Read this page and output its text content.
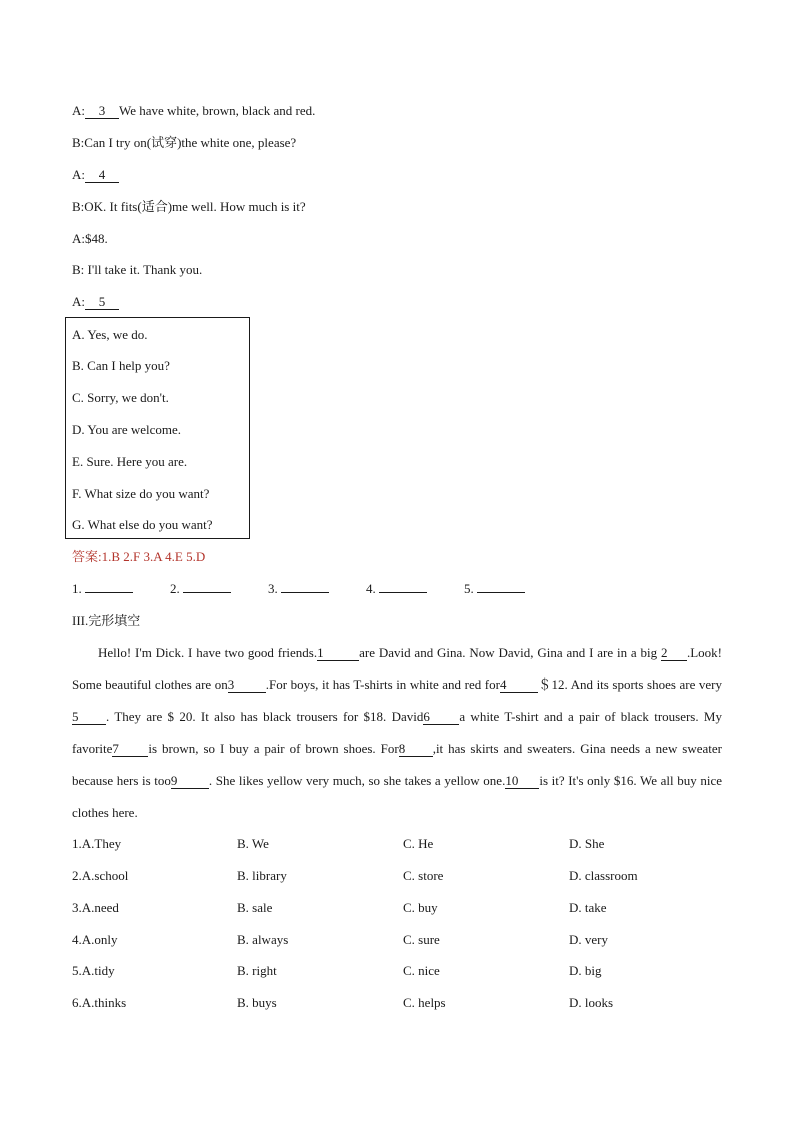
A: 3 We have white, brown, black and red.
B:Can I try on(试穿)the white one, please?
A: 4
B:OK. It fits(适合)me well. How much is it?
A:$48.
B: I'll take it. Thank you.
A: 5
A. Yes, we do.
B. Can I help you?
C. Sorry, we don't.
D. You are welcome.
E. Sure. Here you are.
F. What size do you want?
G. What else do you want?
答案:1.B 2.F 3.A 4.E 5.D
1.	2.	3.	4.	5.
III.完形填空
Hello! I'm Dick. I have two good friends.1	are David and Gina. Now David, Gina and I are in a big 2 .Look! Some beautiful clothes are on3 .For boys, it has T-shirts in white and red for4 ＄12. And its sports shoes are very5 . They are $ 20. It also has black trousers for $18. David6 a white T-shirt and a pair of black trousers. My favorite7 is brown, so I buy a pair of brown shoes. For8 ,it has skirts and sweaters. Gina needs a new sweater because hers is too9 . She likes yellow very much, so she takes a yellow one.10 is it? It's only $16. We all buy nice clothes here.
1.A.They	B. We	C. He	D. She
2.A.school	B. library	C. store	D. classroom
3.A.need	B. sale	C. buy	D. take
4.A.only	B. always	C. sure	D. very
5.A.tidy	B. right	C. nice	D. big
6.A.thinks	B. buys	C. helps	D. looks
